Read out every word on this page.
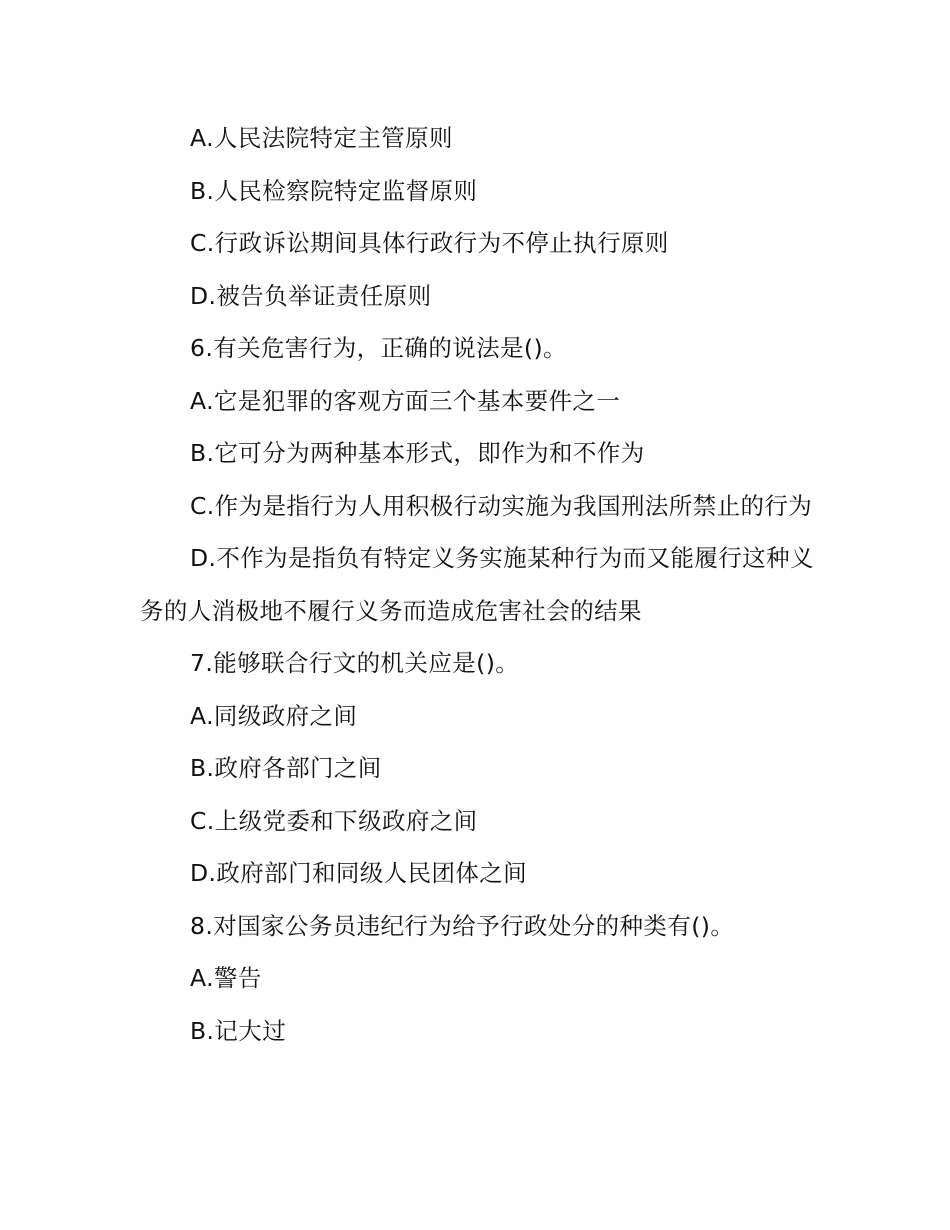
A.人民法院特定主管原则

B.人民检察院特定监督原则

C.行政诉讼期间具体行政行为不停止执行原则

D.被告负举证责任原则

6.有关危害行为，正确的说法是()。

A.它是犯罪的客观方面三个基本要件之一

B.它可分为两种基本形式，即作为和不作为

C.作为是指行为人用积极行动实施为我国刑法所禁止的行为

D.不作为是指负有特定义务实施某种行为而又能履行这种义务的人消极地不履行义务而造成危害社会的结果

7.能够联合行文的机关应是()。

A.同级政府之间

B.政府各部门之间

C.上级党委和下级政府之间

D.政府部门和同级人民团体之间

8.对国家公务员违纪行为给予行政处分的种类有()。

A.警告

B.记大过
